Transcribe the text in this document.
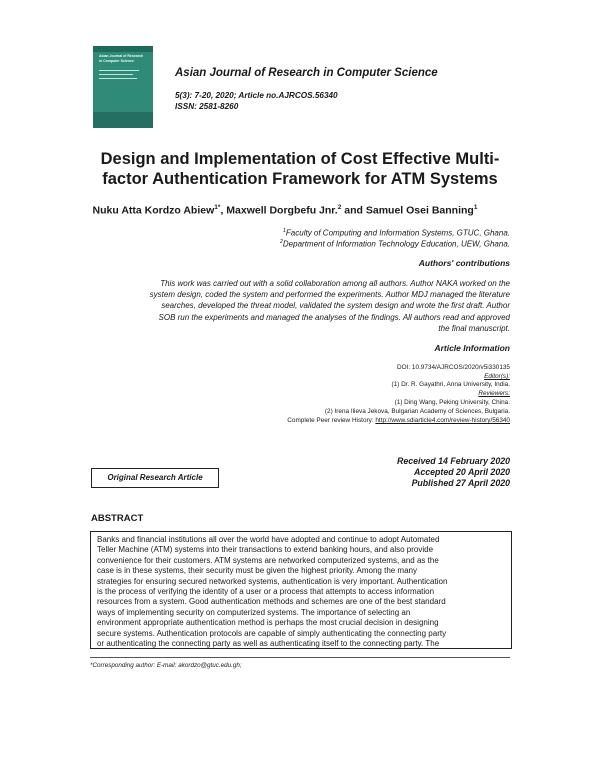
Asian Journal of Research in Computer Science
Asian Journal of Research in Computer Science
5(3): 7-20, 2020; Article no.AJRCOS.56340
ISSN: 2581-8260
Design and Implementation of Cost Effective Multi-
factor Authentication Framework for ATM Systems
Nuku Atta Kordzo Abiew$^{1*}$, Maxwell Dorgbefu Jnr.$^2$ and Samuel Osei Banning$^1$
$^1$Faculty of Computing and Information Systems, GTUC, Ghana.
$^2$Department of Information Technology Education, UEW, Ghana.
Authors' contributions
This work was carried out with a solid collaboration among all authors. Author NAKA worked on the
system design, coded the system and performed the experiments. Author MDJ managed the literature
searches, developed the threat model, validated the system design and wrote the first draft. Author
SOB run the experiments and managed the analyses of the findings. All authors read and approved
the final manuscript.
Article Information
DOI: 10.9734/AJRCOS/2020/v5i330135
Editor(s):
(1) Dr. R. Gayathri, Anna University, India.
Reviewers:
(1) Ding Wang, Peking University, China.
(2) Irena Ilieva Jekova, Bulgarian Academy of Sciences, Bulgaria.
Complete Peer review History: http://www.sdiarticle4.com/review-history/56340
Original Research Article
Received 14 February 2020
Accepted 20 April 2020
Published 27 April 2020
ABSTRACT
Banks and financial institutions all over the world have adopted and continue to adopt Automated
Teller Machine (ATM) systems into their transactions to extend banking hours, and also provide
convenience for their customers. ATM systems are networked computerized systems, and as the
case is in these systems, their security must be given the highest priority. Among the many
strategies for ensuring secured networked systems, authentication is very important. Authentication
is the process of verifying the identity of a user or a process that attempts to access information
resources from a system. Good authentication methods and schemes are one of the best standard
ways of implementing security on computerized systems. The importance of selecting an
environment appropriate authentication method is perhaps the most crucial decision in designing
secure systems. Authentication protocols are capable of simply authenticating the connecting party
or authenticating the connecting party as well as authenticating itself to the connecting party. The
*Corresponding author: E-mail: akordzo@gtuc.edu.gh;
